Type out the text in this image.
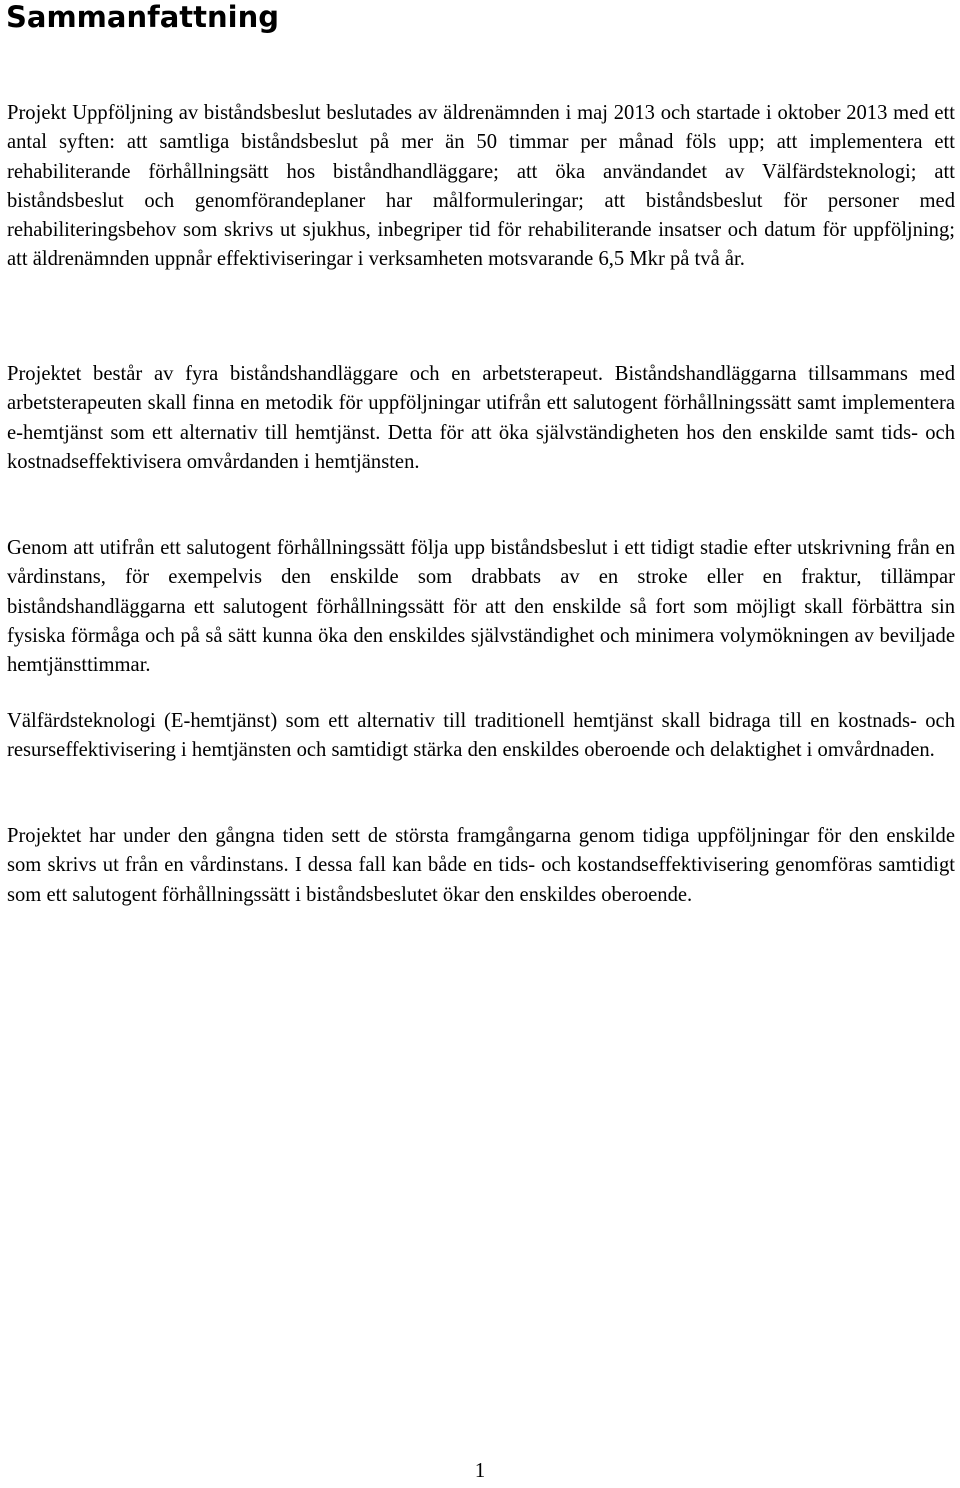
Sammanfattning

Projekt Uppföljning av biståndsbeslut beslutades av äldrenämnden i maj 2013 och startade i oktober 2013 med ett antal syften: att samtliga biståndsbeslut på mer än 50 timmar per månad föls upp; att implementera ett rehabiliterande förhållningsätt hos biståndhandläggare; att öka användandet av Välfärdsteknologi; att biståndsbeslut och genomförandeplaner har målformuleringar; att biståndsbeslut för personer med rehabiliteringsbehov som skrivs ut sjukhus, inbegriper tid för rehabiliterande insatser och datum för uppföljning; att äldrenämnden uppnår effektiviseringar i verksamheten motsvarande 6,5 Mkr på två år.

Projektet består av fyra biståndshandläggare och en arbetsterapeut. Biståndshandläggarna tillsammans med arbetsterapeuten skall finna en metodik för uppföljningar utifrån ett salutogent förhållningssätt samt implementera e-hemtjänst som ett alternativ till hemtjänst. Detta för att öka självständigheten hos den enskilde samt tids- och kostnadseffektivisera omvårdanden i hemtjänsten.

Genom att utifrån ett salutogent förhållningssätt följa upp biståndsbeslut i ett tidigt stadie efter utskrivning från en vårdinstans, för exempelvis den enskilde som drabbats av en stroke eller en fraktur, tillämpar biståndshandläggarna ett salutogent förhållningssätt för att den enskilde så fort som möjligt skall förbättra sin fysiska förmåga och på så sätt kunna öka den enskildes självständighet och minimera volymökningen av beviljade hemtjänsttimmar.

Välfärdsteknologi (E-hemtjänst) som ett alternativ till traditionell hemtjänst skall bidraga till en kostnads- och resurseffektivisering i hemtjänsten och samtidigt stärka den enskildes oberoende och delaktighet i omvårdnaden.

Projektet har under den gångna tiden sett de största framgångarna genom tidiga uppföljningar för den enskilde som skrivs ut från en vårdinstans. I dessa fall kan både en tids- och kostandseffektivisering genomföras samtidigt som ett salutogent förhållningssätt i biståndsbeslutet ökar den enskildes oberoende.

1
